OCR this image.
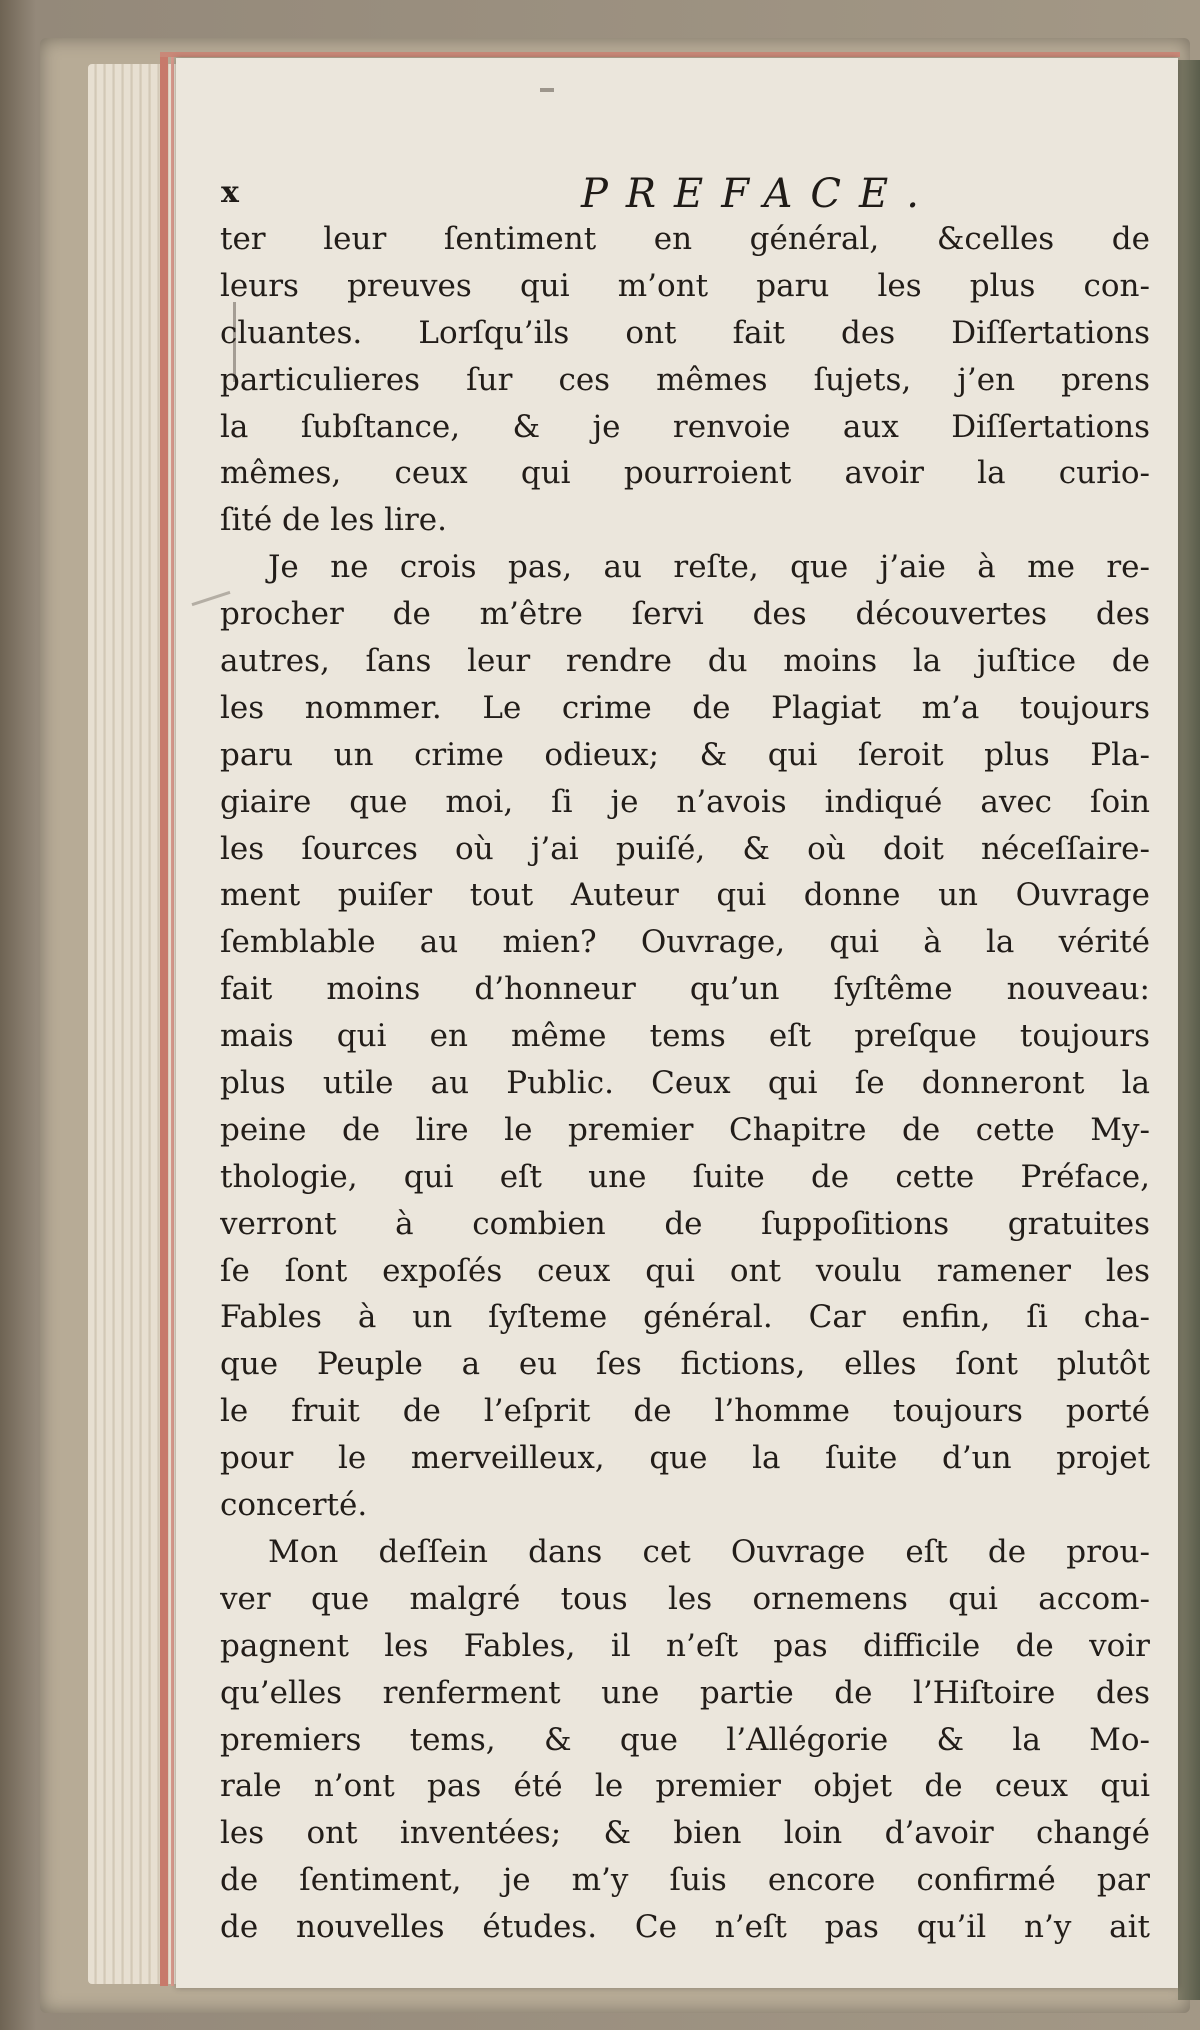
x	PREFACE.
ter leur ſentiment en général, &celles de
leurs preuves qui m’ont paru les plus con-
cluantes. Lorſqu’ils ont fait des Diſſertations
particulieres ſur ces mêmes ſujets, j’en prens
la ſubſtance, & je renvoie aux Diſſertations
mêmes, ceux qui pourroient avoir la curio-
ſité de les lire.
Je ne crois pas, au reſte, que j’aie à me re-
procher de m’être ſervi des découvertes des
autres, ſans leur rendre du moins la juſtice de
les nommer. Le crime de Plagiat m’a toujours
paru un crime odieux; & qui ſeroit plus Pla-
giaire que moi, ſi je n’avois indiqué avec ſoin
les ſources où j’ai puiſé, & où doit néceſſaire-
ment puiſer tout Auteur qui donne un Ouvrage
ſemblable au mien? Ouvrage, qui à la vérité
fait moins d’honneur qu’un ſyſtême nouveau:
mais qui en même tems eſt preſque toujours
plus utile au Public. Ceux qui ſe donneront la
peine de lire le premier Chapitre de cette My-
thologie, qui eſt une ſuite de cette Préface,
verront à combien de ſuppoſitions gratuites
ſe ſont expoſés ceux qui ont voulu ramener les
Fables à un ſyſteme général. Car enfin, ſi cha-
que Peuple a eu ſes fictions, elles ſont plutôt
le fruit de l’eſprit de l’homme toujours porté
pour le merveilleux, que la ſuite d’un projet
concerté.
Mon deſſein dans cet Ouvrage eſt de prou-
ver que malgré tous les ornemens qui accom-
pagnent les Fables, il n’eſt pas difficile de voir
qu’elles renferment une partie de l’Hiſtoire des
premiers tems, & que l’Allégorie & la Mo-
rale n’ont pas été le premier objet de ceux qui
les ont inventées; & bien loin d’avoir changé
de ſentiment, je m’y ſuis encore confirmé par
de nouvelles études. Ce n’eſt pas qu’il n’y ait
